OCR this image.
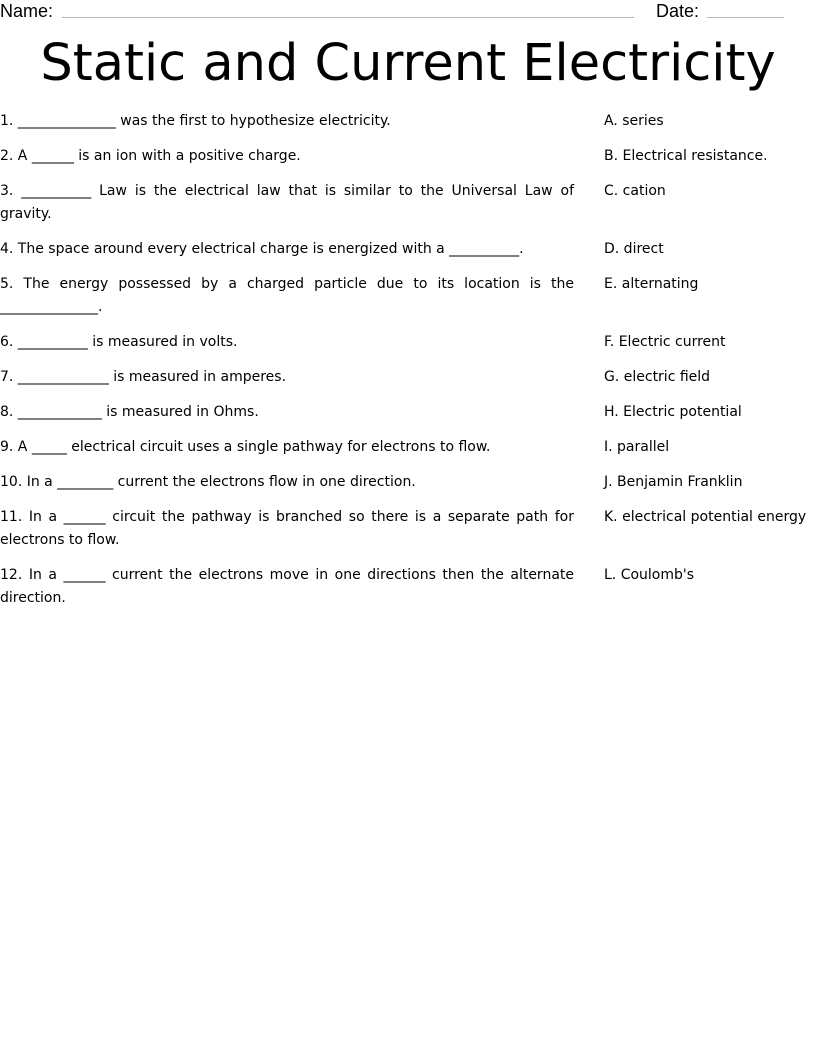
Name:	Date:
Static and Current Electricity
1. ______________ was the first to hypothesize electricity.
2. A ______ is an ion with a positive charge.
3. __________ Law is the electrical law that is similar to the Universal Law of gravity.
4. The space around every electrical charge is energized with a __________.
5. The energy possessed by a charged particle due to its location is the ______________.
6. __________ is measured in volts.
7. _____________ is measured in amperes.
8. ____________ is measured in Ohms.
9. A _____ electrical circuit uses a single pathway for electrons to flow.
10. In a ________ current the electrons flow in one direction.
11. In a ______ circuit the pathway is branched so there is a separate path for electrons to flow.
12. In a ______ current the electrons move in one directions then the alternate direction.
A. series
B. Electrical resistance.
C. cation
D. direct
E. alternating
F. Electric current
G. electric field
H. Electric potential
I. parallel
J. Benjamin Franklin
K. electrical potential energy
L. Coulomb's
